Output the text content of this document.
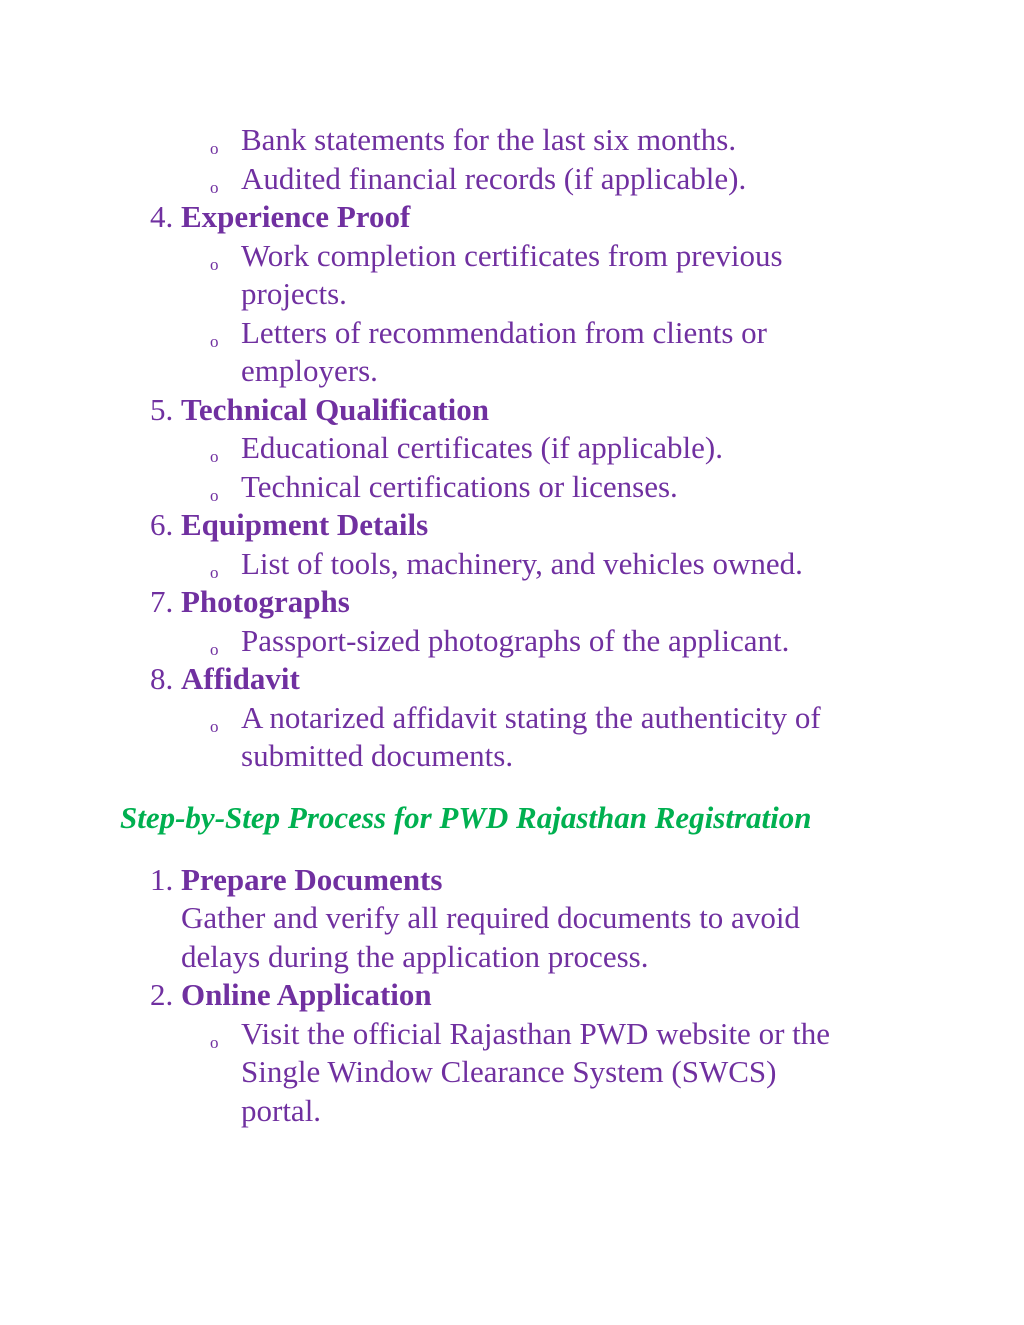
o Bank statements for the last six months.
o Audited financial records (if applicable).
4. Experience Proof
o Work completion certificates from previous
projects.
o Letters of recommendation from clients or
employers.
5. Technical Qualification
o Educational certificates (if applicable).
o Technical certifications or licenses.
6. Equipment Details
o List of tools, machinery, and vehicles owned.
7. Photographs
o Passport-sized photographs of the applicant.
8. Affidavit
o A notarized affidavit stating the authenticity of
submitted documents.
Step-by-Step Process for PWD Rajasthan Registration
1. Prepare Documents
Gather and verify all required documents to avoid
delays during the application process.
2. Online Application
o Visit the official Rajasthan PWD website or the
Single Window Clearance System (SWCS)
portal.
